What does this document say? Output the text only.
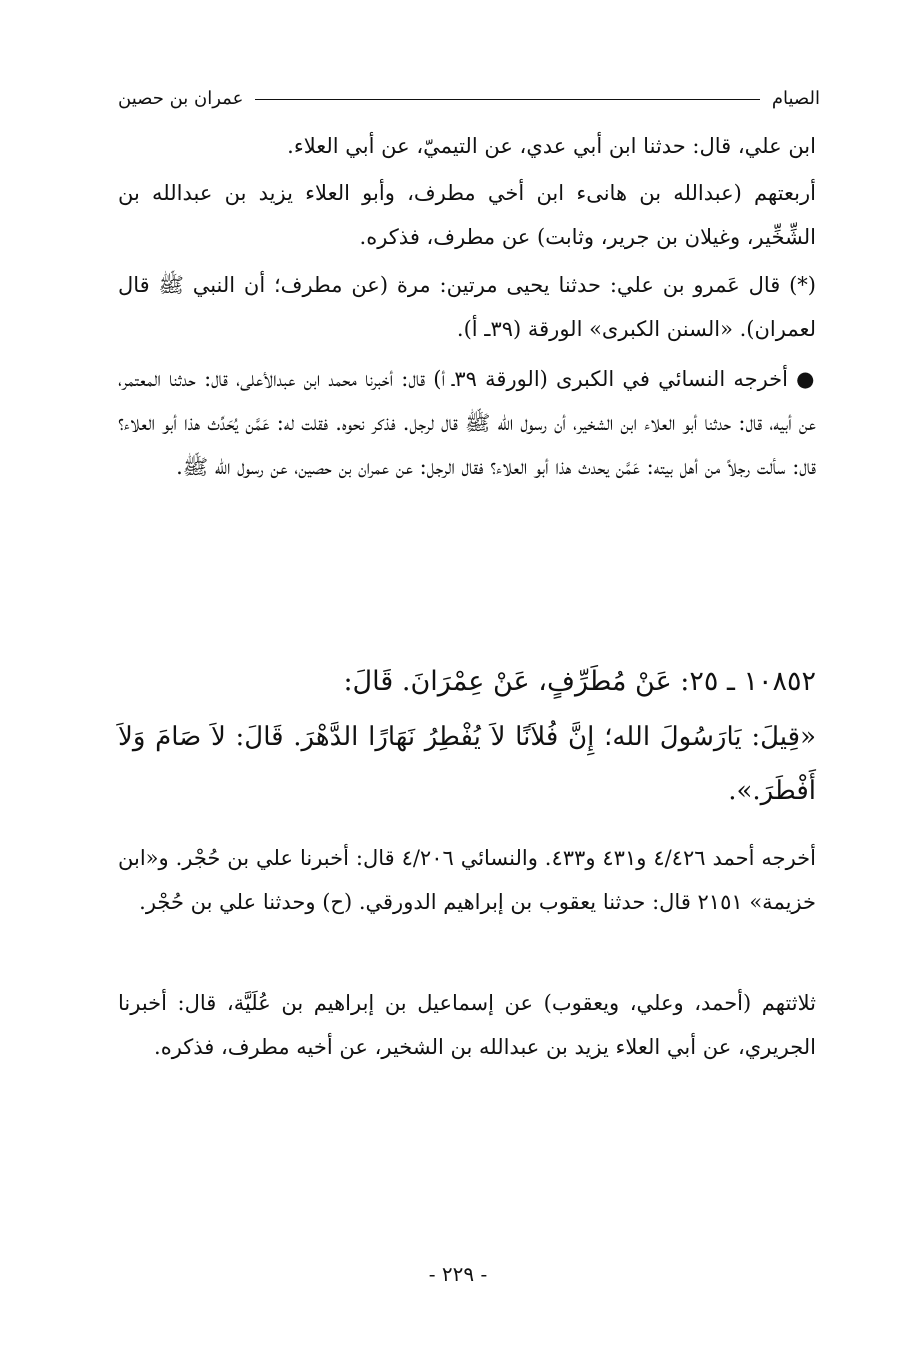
الصيام
عمران بن حصين

ابن علي، قال: حدثنا ابن أبي عدي، عن التيميّ، عن أبي العلاء.

أربعتهم (عبدالله بن هانىء ابن أخي مطرف، وأبو العلاء يزيد بن عبدالله بن الشِّخِّير، وغيلان بن جرير، وثابت) عن مطرف، فذكره.

(*) قال عَمرو بن علي: حدثنا يحيى مرتين: مرة (عن مطرف؛ أن النبي ﷺ قال لعمران). «السنن الكبرى» الورقة (٣٩ـ أ).

● أخرجه النسائي في الكبرى (الورقة ٣٩ـ أ) قال: أخبرنا محمد ابن عبدالأعلى، قال: حدثنا المعتمر، عن أبيه، قال: حدثنا أبو العلاء ابن الشخير، أن رسول الله ﷺ قال لرجل. فذكر نحوه. فقلت له: عَمَّن يُحَدِّث هذا أبو العلاء؟ قال: سألت رجلاً من أهل بيته: عَمَّن يحدث هذا أبو العلاء؟ فقال الرجل: عن عمران بن حصين، عن رسول الله ﷺ.

١٠٨٥٢ ـ ٢٥: عَنْ مُطَرِّفٍ، عَنْ عِمْرَانَ. قَالَ:

«قِيلَ: يَارَسُولَ الله؛ إِنَّ فُلاَنًا لاَ يُفْطِرُ نَهَارًا الدَّهْرَ. قَالَ: لاَ صَامَ وَلاَ أَفْطَرَ.».

أخرجه أحمد ٤/٤٢٦ و٤٣١ و٤٣٣. والنسائي ٤/٢٠٦ قال: أخبرنا علي بن حُجْر. و«ابن خزيمة» ٢١٥١ قال: حدثنا يعقوب بن إبراهيم الدورقي. (ح) وحدثنا علي بن حُجْر.

ثلاثتهم (أحمد، وعلي، ويعقوب) عن إسماعيل بن إبراهيم بن عُلَيَّة، قال: أخبرنا الجريري، عن أبي العلاء يزيد بن عبدالله بن الشخير، عن أخيه مطرف، فذكره.

- ٢٢٩ -
